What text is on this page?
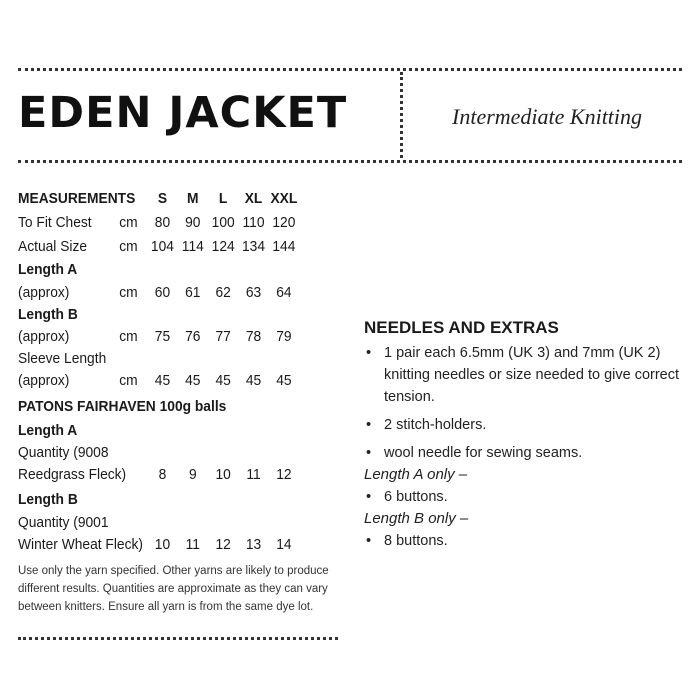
EDEN JACKET	Intermediate Knitting
MEASUREMENTS	S	M	L	XL XXL
To Fit Chest cm	80	90 100 110 120
Actual Size cm 104 114 124 134 144
Length A
(approx)	cm	60	61	62	63	64
Length B
(approx)	cm	75	76	77	78	79
Sleeve Length
(approx)	cm	45	45	45	45	45
PATONS FAIRHAVEN 100g balls
Length A
Quantity (9008
Reedgrass Fleck)	8	9	10	11	12
Length B
Quantity (9001
Winter Wheat Fleck) 10	11	12	13	14
Use only the yarn specified. Other yarns are likely to produce different results. Quantities are approximate as they can vary between knitters. Ensure all yarn is from the same dye lot.
NEEDLES AND EXTRAS
• 1 pair each 6.5mm (UK 3) and 7mm (UK 2) knitting needles or size needed to give correct tension.
• 2 stitch-holders.
• wool needle for sewing seams.
Length A only –
• 6 buttons.
Length B only –
• 8 buttons.
